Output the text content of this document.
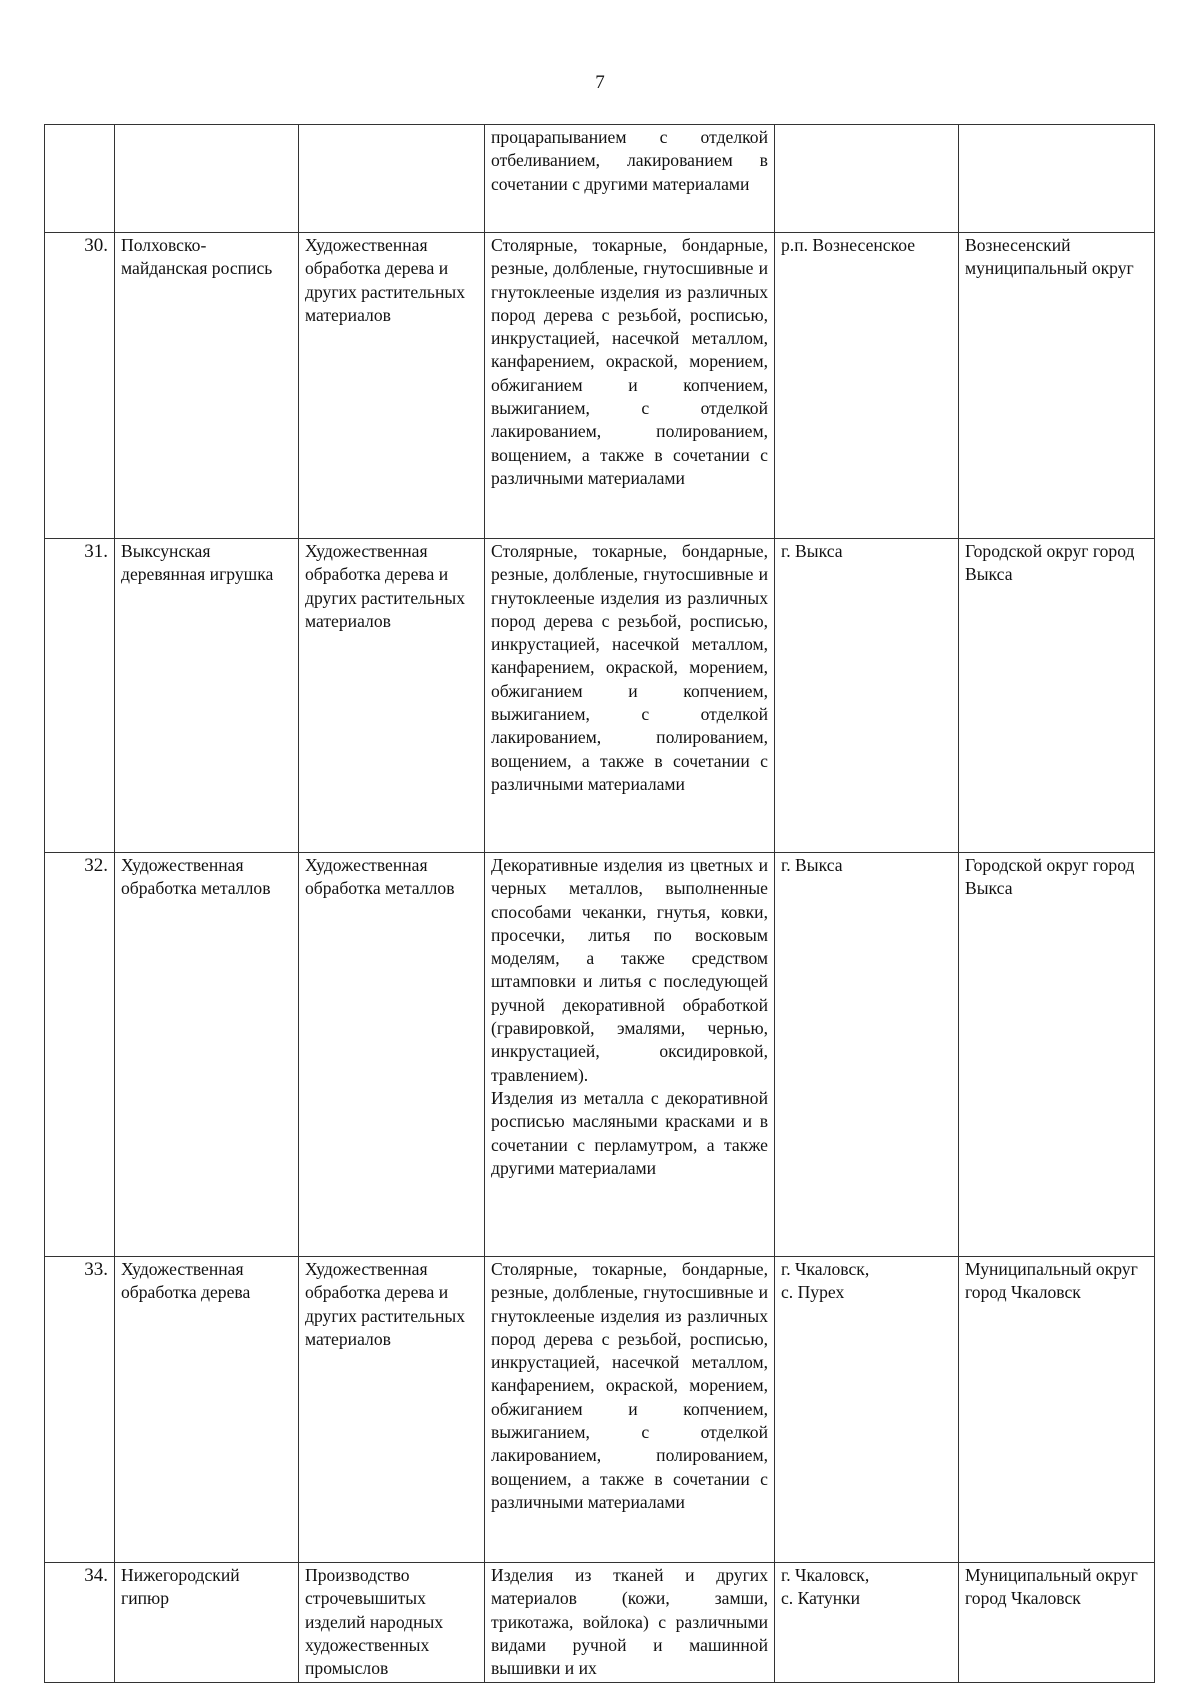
7

			процарапыванием с отделкой отбеливанием, лакированием в сочетании с другими материалами		

30.	Полховско-майданская роспись	Художественная обработка дерева и других растительных материалов	Столярные, токарные, бондарные, резные, долбленые, гнутосшивные и гнутоклееные изделия из различных пород дерева с резьбой, росписью, инкрустацией, насечкой металлом, канфарением, окраской, морением, обжиганием и копчением, выжиганием, с отделкой лакированием, полированием, вощением, а также в сочетании с различными материалами	р.п. Вознесенское	Вознесенский муниципальный округ
31.	Выксунская деревянная игрушка	Художественная обработка дерева и других растительных материалов	Столярные, токарные, бондарные, резные, долбленые, гнутосшивные и гнутоклееные изделия из различных пород дерева с резьбой, росписью, инкрустацией, насечкой металлом, канфарением, окраской, морением, обжиганием и копчением, выжиганием, с отделкой лакированием, полированием, вощением, а также в сочетании с различными материалами	г. Выкса	Городской округ город Выкса
32.	Художественная обработка металлов	Художественная обработка металлов	Декоративные изделия из цветных и черных металлов, выполненные способами чеканки, гнутья, ковки, просечки, литья по восковым моделям, а также средством штамповки и литья с последующей ручной декоративной обработкой (гравировкой, эмалями, чернью, инкрустацией, оксидировкой, травлением).
Изделия из металла с декоративной росписью масляными красками и в сочетании с перламутром, а также другими материалами	г. Выкса	Городской округ город Выкса
33.	Художественная обработка дерева	Художественная обработка дерева и других растительных материалов	Столярные, токарные, бондарные, резные, долбленые, гнутосшивные и гнутоклееные изделия из различных пород дерева с резьбой, росписью, инкрустацией, насечкой металлом, канфарением, окраской, морением, обжиганием и копчением, выжиганием, с отделкой лакированием, полированием, вощением, а также в сочетании с различными материалами	г. Чкаловск,
с. Пурех	Муниципальный округ город Чкаловск
34.	Нижегородский гипюр	Производство строчевышитых изделий народных художественных промыслов	Изделия из тканей и других материалов (кожи, замши, трикотажа, войлока) с различными видами ручной и машинной вышивки и их	г. Чкаловск,
с. Катунки	Муниципальный округ город Чкаловск
